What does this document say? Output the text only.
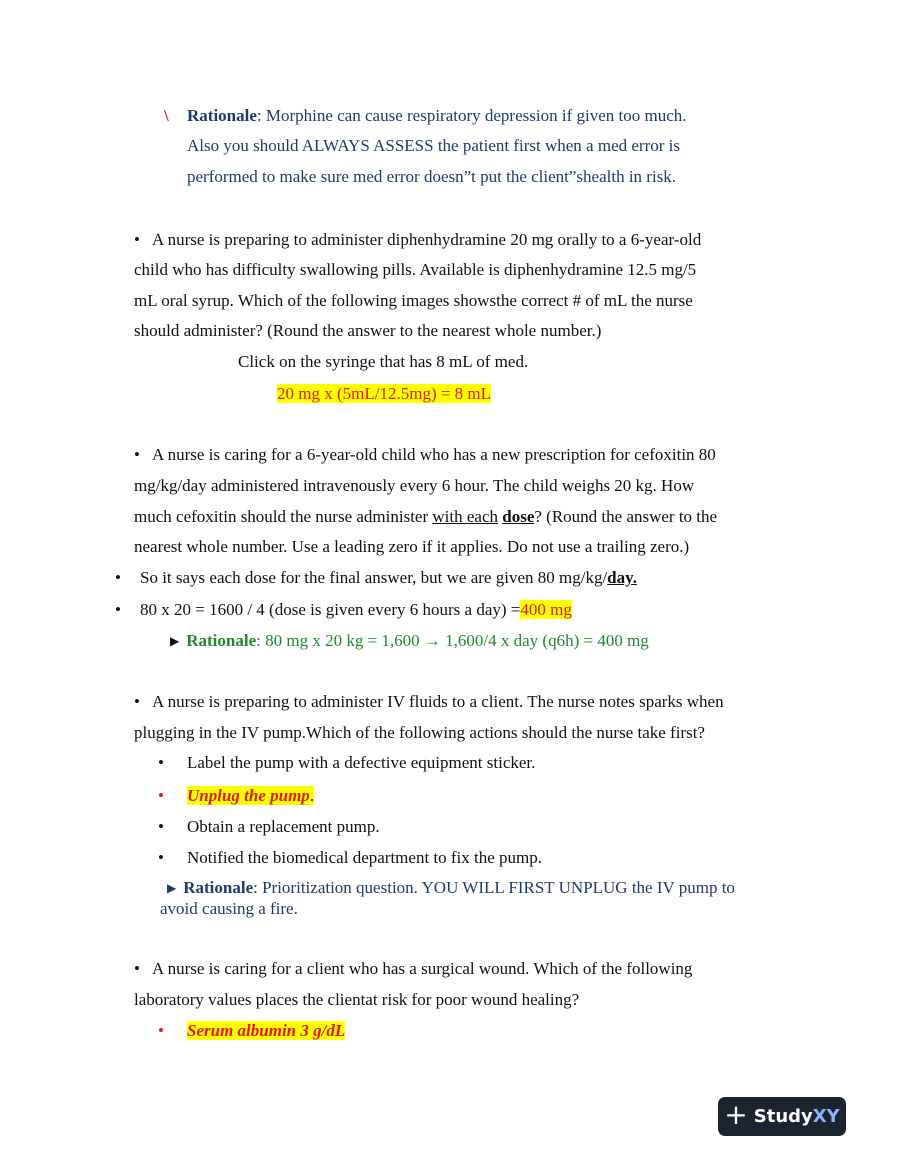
\ Rationale: Morphine can cause respiratory depression if given too much.
Also you should ALWAYS ASSESS the patient first when a med error is
performed to make sure med error doesn”t put the client”shealth in risk.
• A nurse is preparing to administer diphenhydramine 20 mg orally to a 6-year-old
child who has difficulty swallowing pills. Available is diphenhydramine 12.5 mg/5
mL oral syrup. Which of the following images showsthe correct # of mL the nurse
should administer? (Round the answer to the nearest whole number.)
Click on the syringe that has 8 mL of med.
20 mg x (5mL/12.5mg) = 8 mL
• A nurse is caring for a 6-year-old child who has a new prescription for cefoxitin 80
mg/kg/day administered intravenously every 6 hour. The child weighs 20 kg. How
much cefoxitin should the nurse administer with each dose? (Round the answer to the
nearest whole number. Use a leading zero if it applies. Do not use a trailing zero.)
• So it says each dose for the final answer, but we are given 80 mg/kg/day.
• 80 x 20 = 1600 / 4 (dose is given every 6 hours a day) =400 mg
▶ Rationale: 80 mg x 20 kg = 1,600 → 1,600/4 x day (q6h) = 400 mg
• A nurse is preparing to administer IV fluids to a client. The nurse notes sparks when
plugging in the IV pump.Which of the following actions should the nurse take first?
• Label the pump with a defective equipment sticker.
• Unplug the pump.
• Obtain a replacement pump.
• Notified the biomedical department to fix the pump.
▶ Rationale: Prioritization question. YOU WILL FIRST UNPLUG the IV pump to
avoid causing a fire.
• A nurse is caring for a client who has a surgical wound. Which of the following
laboratory values places the clientat risk for poor wound healing?
• Serum albumin 3 g/dL
+ StudyXY
